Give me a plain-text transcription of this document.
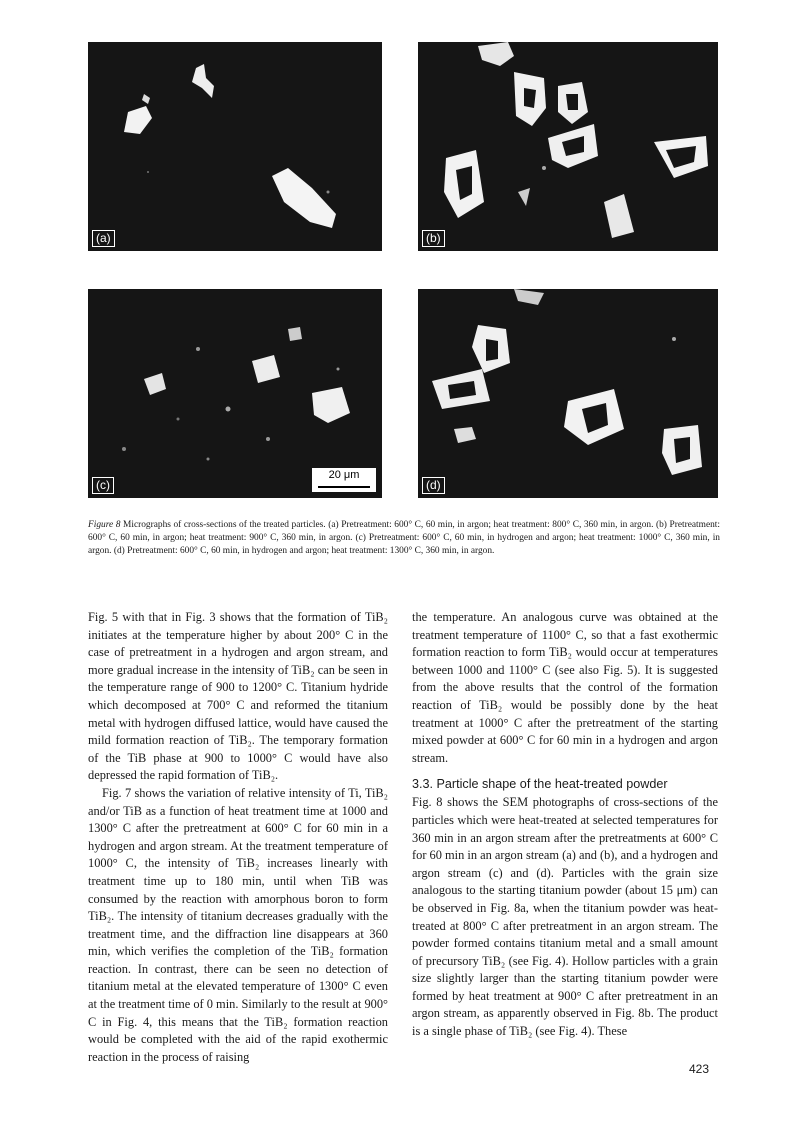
(a)	(b)
20 μm
(c)	(d)
Figure 8 Micrographs of cross-sections of the treated particles. (a) Pretreatment: 600° C, 60 min, in argon; heat treatment: 800° C, 360 min, in argon. (b) Pretreatment: 600° C, 60 min, in argon; heat treatment: 900° C, 360 min, in argon. (c) Pretreatment: 600° C, 60 min, in hydrogen and argon; heat treatment: 1000° C, 360 min, in argon. (d) Pretreatment: 600° C, 60 min, in hydrogen and argon; heat treatment: 1300° C, 360 min, in argon.

Fig. 5 with that in Fig. 3 shows that the formation of TiB₂ initiates at the temperature higher by about 200° C in the case of pretreatment in a hydrogen and argon stream, and more gradual increase in the intensity of TiB₂ can be seen in the temperature range of 900 to 1200° C. Titanium hydride which decomposed at 700° C and reformed the titanium metal with hydrogen diffused lattice, would have caused the mild formation reaction of TiB₂. The temporary formation of the TiB phase at 900 to 1000° C would have also depressed the rapid formation of TiB₂.

Fig. 7 shows the variation of relative intensity of Ti, TiB₂ and/or TiB as a function of heat treatment time at 1000 and 1300° C after the pretreatment at 600° C for 60 min in a hydrogen and argon stream. At the treatment temperature of 1000° C, the intensity of TiB₂ increases linearly with treatment time up to 180 min, until when TiB was consumed by the reaction with amorphous boron to form TiB₂. The intensity of titanium decreases gradually with the treatment time, and the diffraction line disappears at 360 min, which verifies the completion of the TiB₂ formation reaction. In contrast, there can be seen no detection of titanium metal at the elevated temperature of 1300° C even at the treatment time of 0 min. Similarly to the result at 900° C in Fig. 4, this means that the TiB₂ formation reaction would be completed with the aid of the rapid exothermic reaction in the process of raising

the temperature. An analogous curve was obtained at the treatment temperature of 1100° C, so that a fast exothermic formation reaction to form TiB₂ would occur at temperatures between 1000 and 1100° C (see also Fig. 5). It is suggested from the above results that the control of the formation reaction of TiB₂ would be possibly done by the heat treatment at 1000° C after the pretreatment of the starting mixed powder at 600° C for 60 min in a hydrogen and argon stream.

3.3. Particle shape of the heat-treated powder

Fig. 8 shows the SEM photographs of cross-sections of the particles which were heat-treated at selected temperatures for 360 min in an argon stream after the pretreatments at 600° C for 60 min in an argon stream (a) and (b), and a hydrogen and argon stream (c) and (d). Particles with the grain size analogous to the starting titanium powder (about 15 μm) can be observed in Fig. 8a, when the titanium powder was heat-treated at 800° C after pretreatment in an argon stream. The powder formed contains titanium metal and a small amount of precursory TiB₂ (see Fig. 4). Hollow particles with a grain size slightly larger than the starting titanium powder were formed by heat treatment at 900° C after pretreatment in an argon stream, as apparently observed in Fig. 8b. The product is a single phase of TiB₂ (see Fig. 4). These

423
